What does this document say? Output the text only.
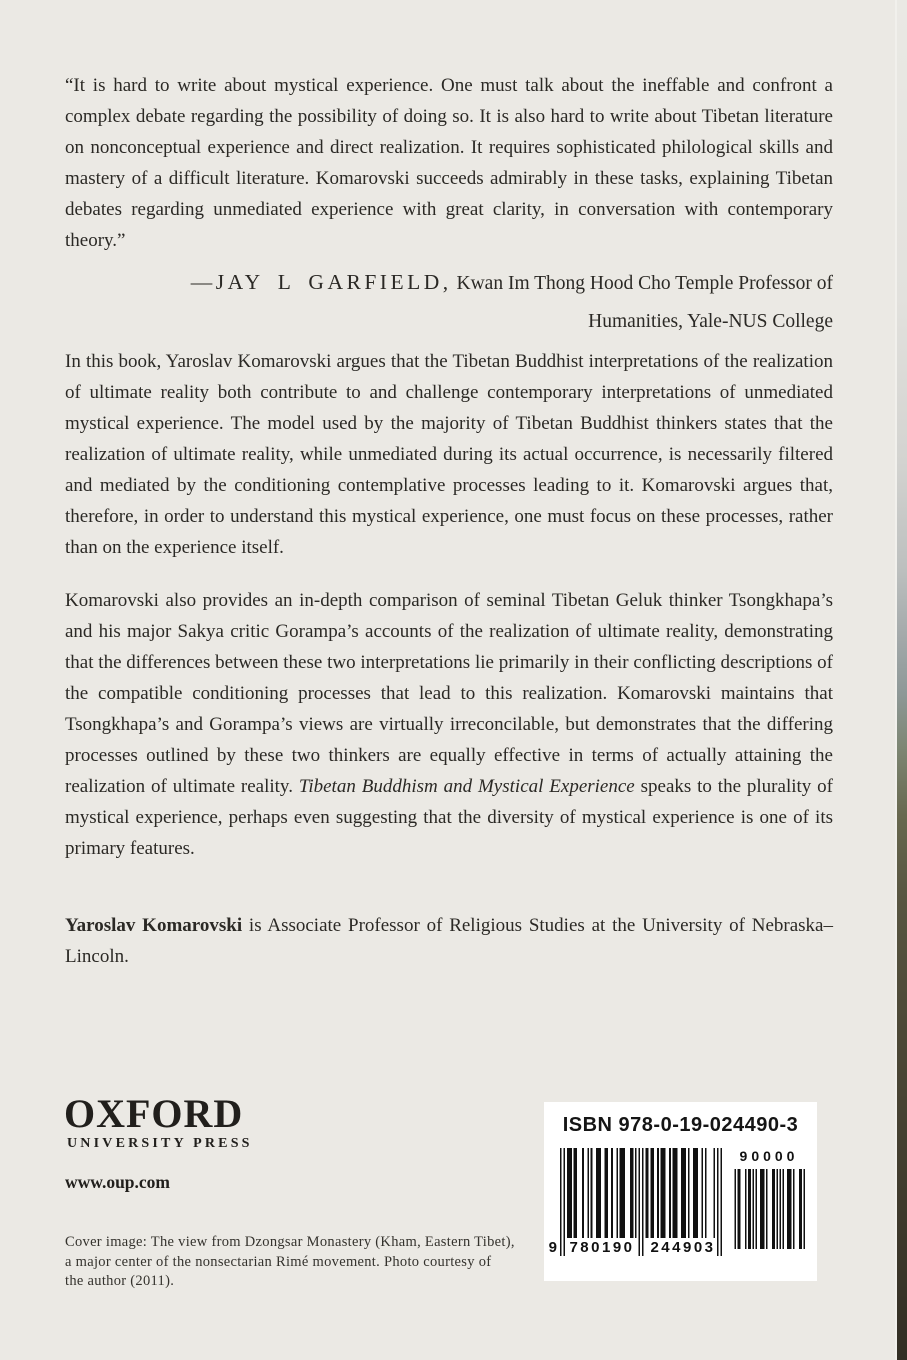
“It is hard to write about mystical experience. One must talk about the ineffable and confront a complex debate regarding the possibility of doing so. It is also hard to write about Tibetan literature on nonconceptual experience and direct realization. It requires sophisticated philological skills and mastery of a difficult literature. Komarovski succeeds admirably in these tasks, explaining Tibetan debates regarding unmediated experience with great clarity, in conversation with contemporary theory.”

—JAY L GARFIELD, Kwan Im Thong Hood Cho Temple Professor of
Humanities, Yale-NUS College

In this book, Yaroslav Komarovski argues that the Tibetan Buddhist interpretations of the realization of ultimate reality both contribute to and challenge contemporary interpretations of unmediated mystical experience. The model used by the majority of Tibetan Buddhist thinkers states that the realization of ultimate reality, while unmediated during its actual occurrence, is necessarily filtered and mediated by the conditioning contemplative processes leading to it. Komarovski argues that, therefore, in order to understand this mystical experience, one must focus on these processes, rather than on the experience itself.

Komarovski also provides an in-depth comparison of seminal Tibetan Geluk thinker Tsongkhapa’s and his major Sakya critic Gorampa’s accounts of the realization of ultimate reality, demonstrating that the differences between these two interpretations lie primarily in their conflicting descriptions of the compatible conditioning processes that lead to this realization. Komarovski maintains that Tsongkhapa’s and Gorampa’s views are virtually irreconcilable, but demonstrates that the differing processes outlined by these two thinkers are equally effective in terms of actually attaining the realization of ultimate reality. Tibetan Buddhism and Mystical Experience speaks to the plurality of mystical experience, perhaps even suggesting that the diversity of mystical experience is one of its primary features.

Yaroslav Komarovski is Associate Professor of Religious Studies at the University of Nebraska–Lincoln.

OXFORD
UNIVERSITY PRESS
www.oup.com
Cover image: The view from Dzongsar Monastery (Kham, Eastern Tibet),
a major center of the nonsectarian Rimé movement. Photo courtesy of
the author (2011).
ISBN 978-0-19-024490-3
9 780190 244903
90000
